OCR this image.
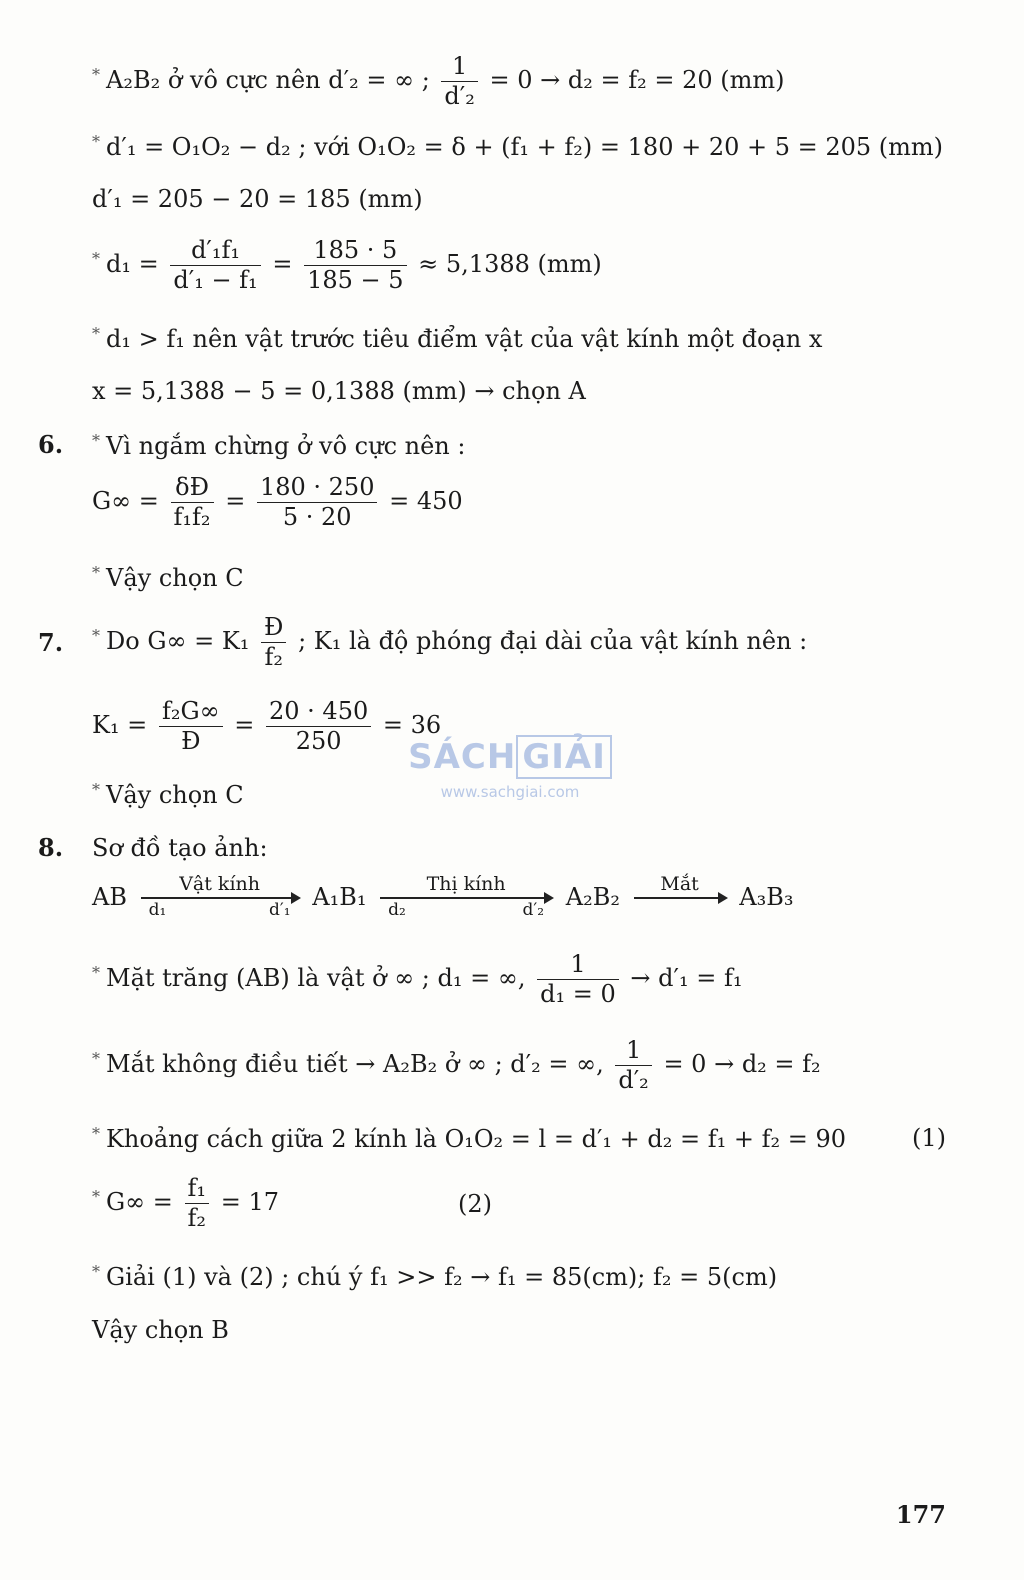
* A₂B₂ ở vô cực nên d′₂ = ∞ ; $\frac{1}{\text{d′₂}} = 0 \to d_2 = f_2 = 20$ (mm)
* d′₁ = O₁O₂ − d₂ ; với O₁O₂ = δ + (f₁ + f₂) = 180 + 20 + 5 = 205 (mm)
d′₁ = 205 − 20 = 185 (mm)
* $d_1 = \frac{\text{d′₁f₁}}{\text{d′₁ − f₁}} = \frac{185 \cdot 5}{185 - 5} \approx 5,1388$ (mm)
* d₁ > f₁ nên vật trước tiêu điểm vật của vật kính một đoạn x
x = 5,1388 − 5 = 0,1388 (mm) → chọn A
6. * Vì ngắm chừng ở vô cực nên :
$G\infty = \frac{\delta Đ}{\text{f₁f₂}} = \frac{180 \cdot 250}{5 \cdot 20} = 450$
* Vậy chọn C
7. * Do $G\infty = K_1 \frac{Đ}{\text{f₂}}$ ; K₁ là độ phóng đại dài của vật kính nên :
$K_1 = \frac{\text{f₂G∞}}{Đ} = \frac{20 \cdot 450}{250} = 36$
* Vậy chọn C
SÁCH GIẢI
www.sachgiai.com
8. Sơ đồ tạo ảnh:
AB	Vật kính
d₁	d′₁ A₁B₁	Thị kính
d₂	d′₂ A₂B₂	Mắt
	A₃B₃
* Mặt trăng (AB) là vật ở ∞ ; d₁ = ∞, $\frac{1}{\text{d₁ = 0}} \to d'_1 = f_1$
* Mắt không điều tiết → A₂B₂ ở ∞ ; d′₂ = ∞, $\frac{1}{\text{d′₂}} = 0 \to d_2 = f_2$
* Khoảng cách giữa 2 kính là O₁O₂ = l = d′₁ + d₂ = f₁ + f₂ = 90	(1)
* $G\infty = \frac{\text{f₁}}{\text{f₂}} = 17$	(2)
* Giải (1) và (2) ; chú ý f₁ >> f₂ → f₁ = 85(cm); f₂ = 5(cm)
Vậy chọn B
177
